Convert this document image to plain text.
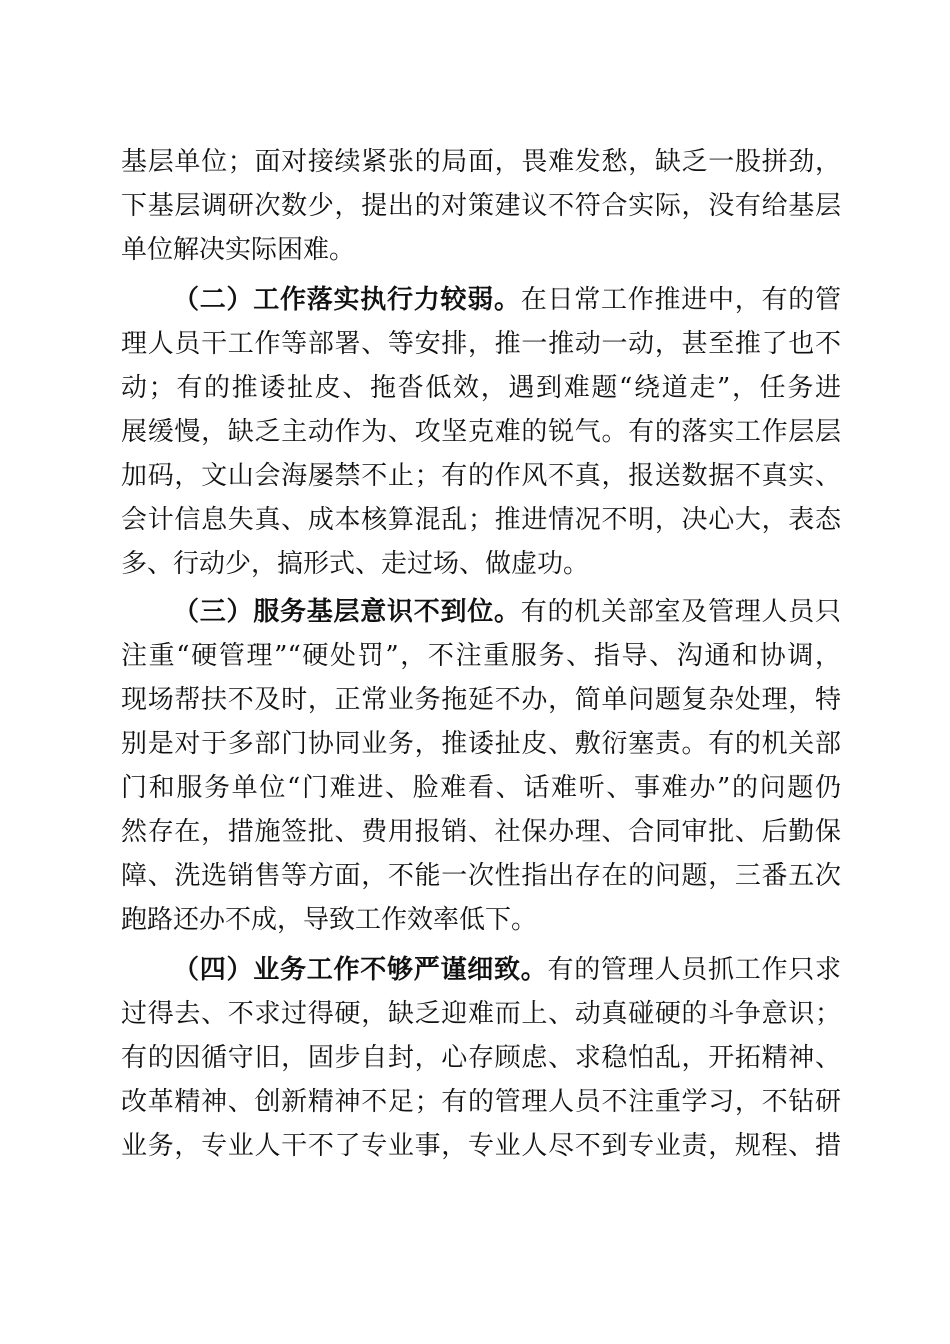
基层单位；面对接续紧张的局面，畏难发愁，缺乏一股拼劲，
下基层调研次数少，提出的对策建议不符合实际，没有给基层
单位解决实际困难。
（二）工作落实执行力较弱。在日常工作推进中，有的管
理人员干工作等部署、等安排，推一推动一动，甚至推了也不
动；有的推诿扯皮、拖沓低效，遇到难题“绕道走”，任务进
展缓慢，缺乏主动作为、攻坚克难的锐气。有的落实工作层层
加码，文山会海屡禁不止；有的作风不真，报送数据不真实、
会计信息失真、成本核算混乱；推进情况不明，决心大，表态
多、行动少，搞形式、走过场、做虚功。
（三）服务基层意识不到位。有的机关部室及管理人员只
注重“硬管理”“硬处罚”，不注重服务、指导、沟通和协调，
现场帮扶不及时，正常业务拖延不办，简单问题复杂处理，特
别是对于多部门协同业务，推诿扯皮、敷衍塞责。有的机关部
门和服务单位“门难进、脸难看、话难听、事难办”的问题仍
然存在，措施签批、费用报销、社保办理、合同审批、后勤保
障、洗选销售等方面，不能一次性指出存在的问题，三番五次
跑路还办不成，导致工作效率低下。
（四）业务工作不够严谨细致。有的管理人员抓工作只求
过得去、不求过得硬，缺乏迎难而上、动真碰硬的斗争意识；
有的因循守旧，固步自封，心存顾虑、求稳怕乱，开拓精神、
改革精神、创新精神不足；有的管理人员不注重学习，不钻研
业务，专业人干不了专业事，专业人尽不到专业责，规程、措
